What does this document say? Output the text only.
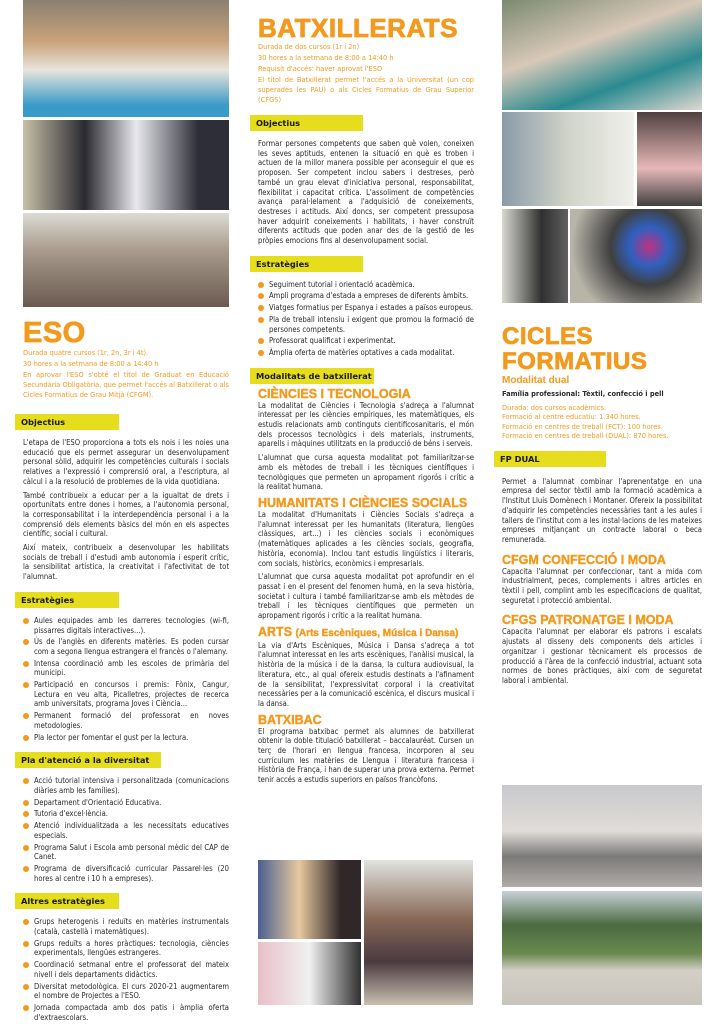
ESO

Durada quatre cursos (1r, 2n, 3r i 4t).

30 hores a la setmana de 8:00 a 14:40 h

En aprovar l'ESO s'obté el títol de Graduat en Educació Secundària Obligatòria, que permet l'accés al Batxillerat o als Cicles Formatius de Grau Mitjà (CFGM).

Objectius

L'etapa de l'ESO proporciona a tots els nois i les noies una educació que els permet assegurar un desenvolupament personal sòlid, adquirir les competències culturals i socials relatives a l'expressió i comprensió oral, a l'escriptura, al càlcul i a la resolució de problemes de la vida quotidiana.

També contribueix a educar per a la igualtat de drets i oportunitats entre dones i homes, a l'autonomia personal, la corresponsabilitat i la interdependència personal i a la comprensió dels elements bàsics del món en els aspectes científic, social i cultural.

Així mateix, contribueix a desenvolupar les habilitats socials de treball i d'estudi amb autonomia i esperit crític, la sensibilitat artística, la creativitat i l'afectivitat de tot l'alumnat.

Estratègies
Aules equipades amb les darreres tecnologies (wi-fi, pissarres digitals interactives...).
Ús de l'anglès en diferents matèries. Es poden cursar com a segona llengua estrangera el francès o l'alemany.
Intensa coordinació amb les escoles de primària del municipi.
Participació en concursos i premis: Fònix, Cangur, Lectura en veu alta, Picalletres, projectes de recerca amb universitats, programa Joves i Ciència...
Permanent formació del professorat en noves metodologies.
Pla lector per fomentar el gust per la lectura.
Pla d'atenció a la diversitat
Acció tutorial intensiva i personalitzada (comunicacions diàries amb les famílies).
Departament d'Orientació Educativa.
Tutoria d'excel·lència.
Atenció individualitzada a les necessitats educatives especials.
Programa Salut i Escola amb personal mèdic del CAP de Canet.
Programa de diversificació curricular Passarel·les (20 hores al centre i 10 h a empreses).
Altres estratègies
Grups heterogenis i reduïts en matèries instrumentals (català, castellà i matemàtiques).
Grups reduïts a hores pràctiques: tecnologia, ciències experimentals, llengües estrangeres.
Coordinació setmanal entre el professorat del mateix nivell i dels departaments didàctics.
Diversitat metodològica. El curs 2020-21 augmentarem el nombre de Projectes a l'ESO.
Jornada compactada amb dos patis i àmplia oferta d'extraescolars.
BATXILLERATS

Durada de dos cursos (1r i 2n)

30 hores a la setmana de 8:00 a 14:40 h

Requisit d'accés: haver aprovat l'ESO

El títol de Batxillerat permet l'accés a la Universitat (un cop superades les PAU) o als Cicles Formatius de Grau Superior (CFGS)

Objectius

Formar persones competents que saben què volen, coneixen les seves aptituds, entenen la situació en què es troben i actuen de la millor manera possible per aconseguir el que es proposen. Ser competent inclou sabers i destreses, però també un grau elevat d'iniciativa personal, responsabilitat, flexibilitat i capacitat crítica. L'assoliment de competències avança paral·lelament a l'adquisició de coneixements, destreses i actituds. Així doncs, ser competent pressuposa haver adquirit coneixements i habilitats, i haver construït diferents actituds que poden anar des de la gestió de les pròpies emocions fins al desenvolupament social.

Estratègies
Seguiment tutorial i orientació acadèmica.
Ampli programa d'estada a empreses de diferents àmbits.
Viatges formatius per Espanya i estades a països europeus.
Pla de treball intensiu i exigent que promou la formació de persones competents.
Professorat qualificat i experimentat.
Àmplia oferta de matèries optatives a cada modalitat.
Modalitats de batxillerat
CIÈNCIES I TECNOLOGIA

La modalitat de Ciències i Tecnologia s'adreça a l'alumnat interessat per les ciències empíriques, les matemàtiques, els estudis relacionats amb continguts cientificosanitaris, el món dels processos tecnològics i dels materials, instruments, aparells i màquines utilitzats en la producció de béns i serveis.

L'alumnat que cursa aquesta modalitat pot familiaritzar-se amb els mètodes de treball i les tècniques científiques i tecnològiques que permeten un apropament rigorós i crític a la realitat humana.

HUMANITATS I CIÈNCIES SOCIALS

La modalitat d'Humanitats i Ciències Socials s'adreça a l'alumnat interessat per les humanitats (literatura, llengües clàssiques, art...) i les ciències socials i econòmiques (matemàtiques aplicades a les ciències socials, geografia, història, economia). Inclou tant estudis lingüístics i literaris, com socials, històrics, econòmics i empresarials.

L'alumnat que cursa aquesta modalitat pot aprofundir en el passat i en el present del fenomen humà, en la seva història, societat i cultura i també familiaritzar-se amb els mètodes de treball i les tècniques científiques que permeten un apropament rigorós i crític a la realitat humana.

ARTS (Arts Escèniques, Música i Dansa)

La via d'Arts Escèniques, Música i Dansa s'adreça a tot l'alumnat interessat en les arts escèniques, l'anàlisi musical, la història de la música i de la dansa, la cultura audiovisual, la literatura, etc., al qual ofereix estudis destinats a l'afinament de la sensibilitat, l'expressivitat corporal i la creativitat necessàries per a la comunicació escènica, el discurs musical i la dansa.

BATXIBAC

El programa batxibac permet als alumnes de batxillerat obtenir la doble titulació batxillerat – baccalauréat. Cursen un terç de l'horari en llengua francesa, incorporen al seu currículum les matèries de Llengua i literatura francesa i Història de França, i han de superar una prova externa. Permet tenir accés a estudis superiors en països francòfons.

CICLES
FORMATIUS
Modalitat dual
Família professional: Tèxtil, confecció i pell
Durada: dos cursos acadèmics.
Formació al centre educatiu: 1.340 hores.
Formació en centres de treball (FCT): 100 hores.
Formació en centres de treball (DUAL): 870 hores.
FP DUAL

Permet a l'alumnat combinar l'aprenentatge en una empresa del sector tèxtil amb la formació acadèmica a l'Institut Lluís Domènech i Montaner. Ofereix la possibilitat d'adquirir les competències necessàries tant a les aules i tallers de l'institut com a les instal·lacions de les mateixes empreses mitjançant un contracte laboral o beca remunerada.

CFGM CONFECCIÓ I MODA

Capacita l'alumnat per confeccionar, tant a mida com industrialment, peces, complements i altres articles en tèxtil i pell, complint amb les especificacions de qualitat, seguretat i protecció ambiental.

CFGS PATRONATGE I MODA

Capacita l'alumnat per elaborar els patrons i escalats ajustats al disseny dels components dels articles i organitzar i gestionar tècnicament els processos de producció a l'àrea de la confecció industrial, actuant sota normes de bones pràctiques, així com de seguretat laboral i ambiental.
